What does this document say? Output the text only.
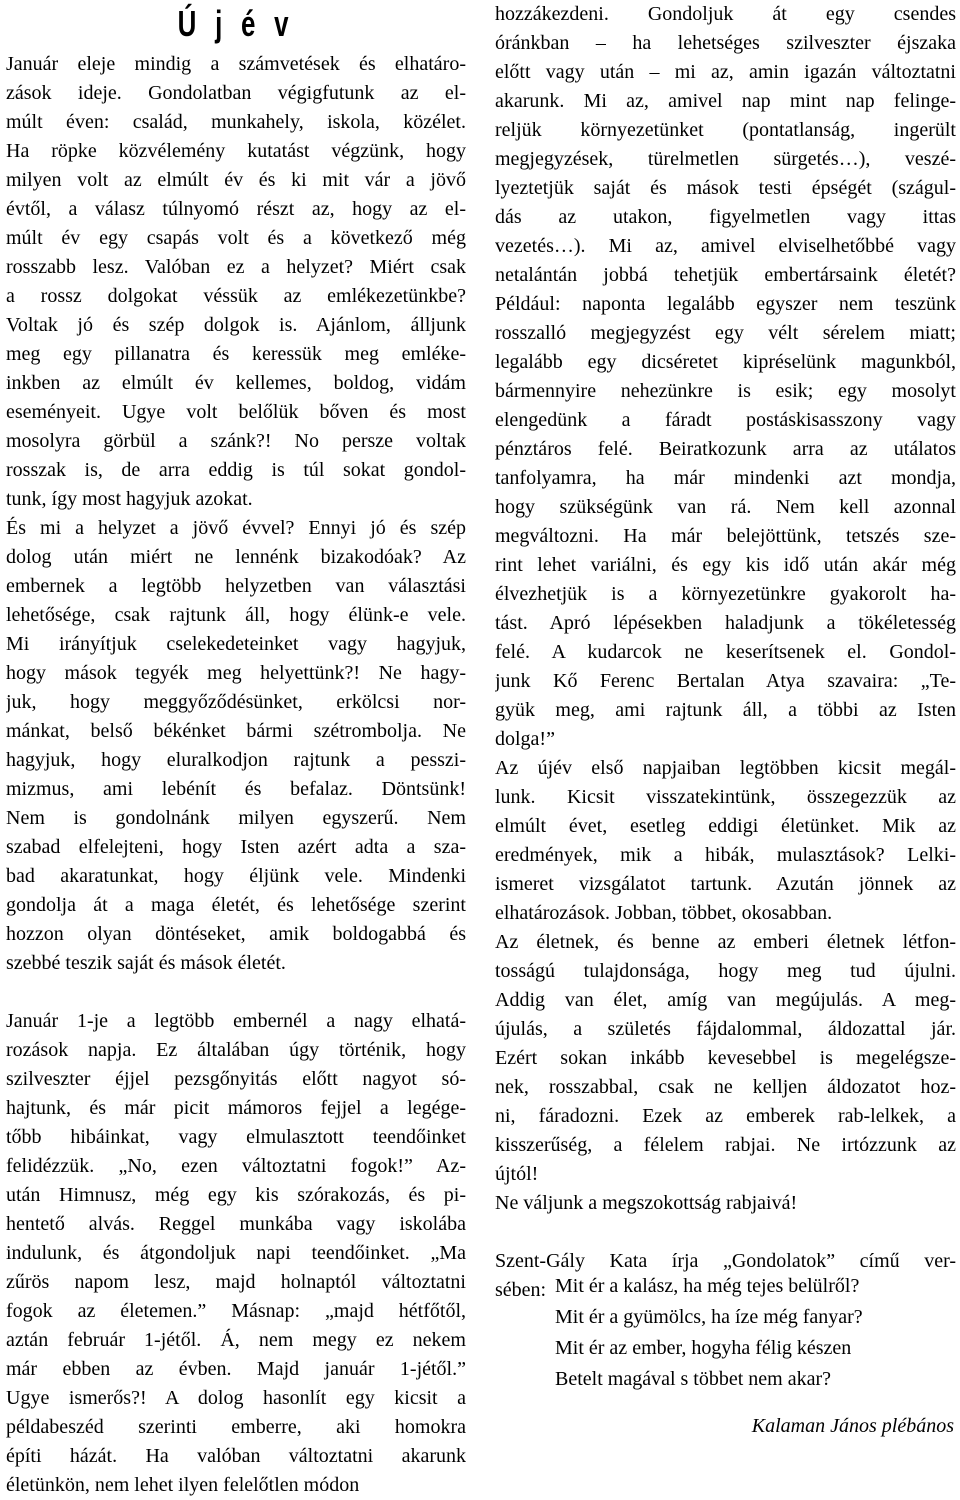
Ú j é v
Január eleje mindig a számvetések és elhatáro-
zások ideje. Gondolatban végigfutunk az el-
múlt éven: család, munkahely, iskola, közélet.
Ha röpke közvélemény kutatást végzünk, hogy
milyen volt az elmúlt év és ki mit vár a jövő
évtől, a válasz túlnyomó részt az, hogy az el-
múlt év egy csapás volt és a következő még
rosszabb lesz. Valóban ez a helyzet? Miért csak
a rossz dolgokat véssük az emlékezetünkbe?
Voltak jó és szép dolgok is. Ajánlom, álljunk
meg egy pillanatra és keressük meg emléke-
inkben az elmúlt év kellemes, boldog, vidám
eseményeit. Ugye volt belőlük bőven és most
mosolyra görbül a szánk?! No persze voltak
rosszak is, de arra eddig is túl sokat gondol-
tunk, így most hagyjuk azokat.
És mi a helyzet a jövő évvel? Ennyi jó és szép
dolog után miért ne lennénk bizakodóak? Az
embernek a legtöbb helyzetben van választási
lehetősége, csak rajtunk áll, hogy élünk-e vele.
Mi irányítjuk cselekedeteinket vagy hagyjuk,
hogy mások tegyék meg helyettünk?! Ne hagy-
juk, hogy meggyőződésünket, erkölcsi nor-
mánkat, belső békénket bármi szétrombolja. Ne
hagyjuk, hogy eluralkodjon rajtunk a pesszi-
mizmus, ami lebénít és befalaz. Döntsünk!
Nem is gondolnánk milyen egyszerű. Nem
szabad elfelejteni, hogy Isten azért adta a sza-
bad akaratunkat, hogy éljünk vele. Mindenki
gondolja át a maga életét, és lehetősége szerint
hozzon olyan döntéseket, amik boldogabbá és
szebbé teszik saját és mások életét.
Január 1-je a legtöbb embernél a nagy elhatá-
rozások napja. Ez általában úgy történik, hogy
szilveszter éjjel pezsgőnyitás előtt nagyot só-
hajtunk, és már picit mámoros fejjel a legége-
tőbb hibáinkat, vagy elmulasztott teendőinket
felidézzük. „No, ezen változtatni fogok!” Az-
után Himnusz, még egy kis szórakozás, és pi-
hentető alvás. Reggel munkába vagy iskolába
indulunk, és átgondoljuk napi teendőinket. „Ma
zűrös napom lesz, majd holnaptól változtatni
fogok az életemen.” Másnap: „majd hétfőtől,
aztán február 1-jétől. Á, nem megy ez nekem
már ebben az évben. Majd január 1-jétől.”
Ugye ismerős?! A dolog hasonlít egy kicsit a
példabeszéd szerinti emberre, aki homokra
építi házát. Ha valóban változtatni akarunk
életünkön, nem lehet ilyen felelőtlen módon
hozzákezdeni. Gondoljuk át egy csendes
óránkban – ha lehetséges szilveszter éjszaka
előtt vagy után – mi az, amin igazán változtatni
akarunk. Mi az, amivel nap mint nap felinge-
reljük környezetünket (pontatlanság, ingerült
megjegyzések, türelmetlen sürgetés…), veszé-
lyeztetjük saját és mások testi épségét (szágul-
dás az utakon, figyelmetlen vagy ittas
vezetés…). Mi az, amivel elviselhetőbbé vagy
netalántán jobbá tehetjük embertársaink életét?
Például: naponta legalább egyszer nem teszünk
rosszalló megjegyzést egy vélt sérelem miatt;
legalább egy dicséretet kipréselünk magunkból,
bármennyire nehezünkre is esik; egy mosolyt
elengedünk a fáradt postáskisasszony vagy
pénztáros felé. Beiratkozunk arra az utálatos
tanfolyamra, ha már mindenki azt mondja,
hogy szükségünk van rá. Nem kell azonnal
megváltozni. Ha már belejöttünk, tetszés sze-
rint lehet variálni, és egy kis idő után akár még
élvezhetjük is a környezetünkre gyakorolt ha-
tást. Apró lépésekben haladjunk a tökéletesség
felé. A kudarcok ne keserítsenek el. Gondol-
junk Kő Ferenc Bertalan Atya szavaira: „Te-
gyük meg, ami rajtunk áll, a többi az Isten
dolga!”
Az újév első napjaiban legtöbben kicsit megál-
lunk. Kicsit visszatekintünk, összegezzük az
elmúlt évet, esetleg eddigi életünket. Mik az
eredmények, mik a hibák, mulasztások? Lelki-
ismeret vizsgálatot tartunk. Azután jönnek az
elhatározások. Jobban, többet, okosabban.
Az életnek, és benne az emberi életnek létfon-
tosságú tulajdonsága, hogy meg tud újulni.
Addig van élet, amíg van megújulás. A meg-
újulás, a születés fájdalommal, áldozattal jár.
Ezért sokan inkább kevesebbel is megelégsze-
nek, rosszabbal, csak ne kelljen áldozatot hoz-
ni, fáradozni. Ezek az emberek rab-lelkek, a
kisszerűség, a félelem rabjai. Ne irtózzunk az
újtól!
Ne váljunk a megszokottság rabjaivá!
Szent-Gály Kata írja „Gondolatok” című ver-
sében: Mit ér a kalász, ha még tejes belülről?
Mit ér a gyümölcs, ha íze még fanyar?
Mit ér az ember, hogyha félig készen
Betelt magával s többet nem akar?
Kalaman János plébános
